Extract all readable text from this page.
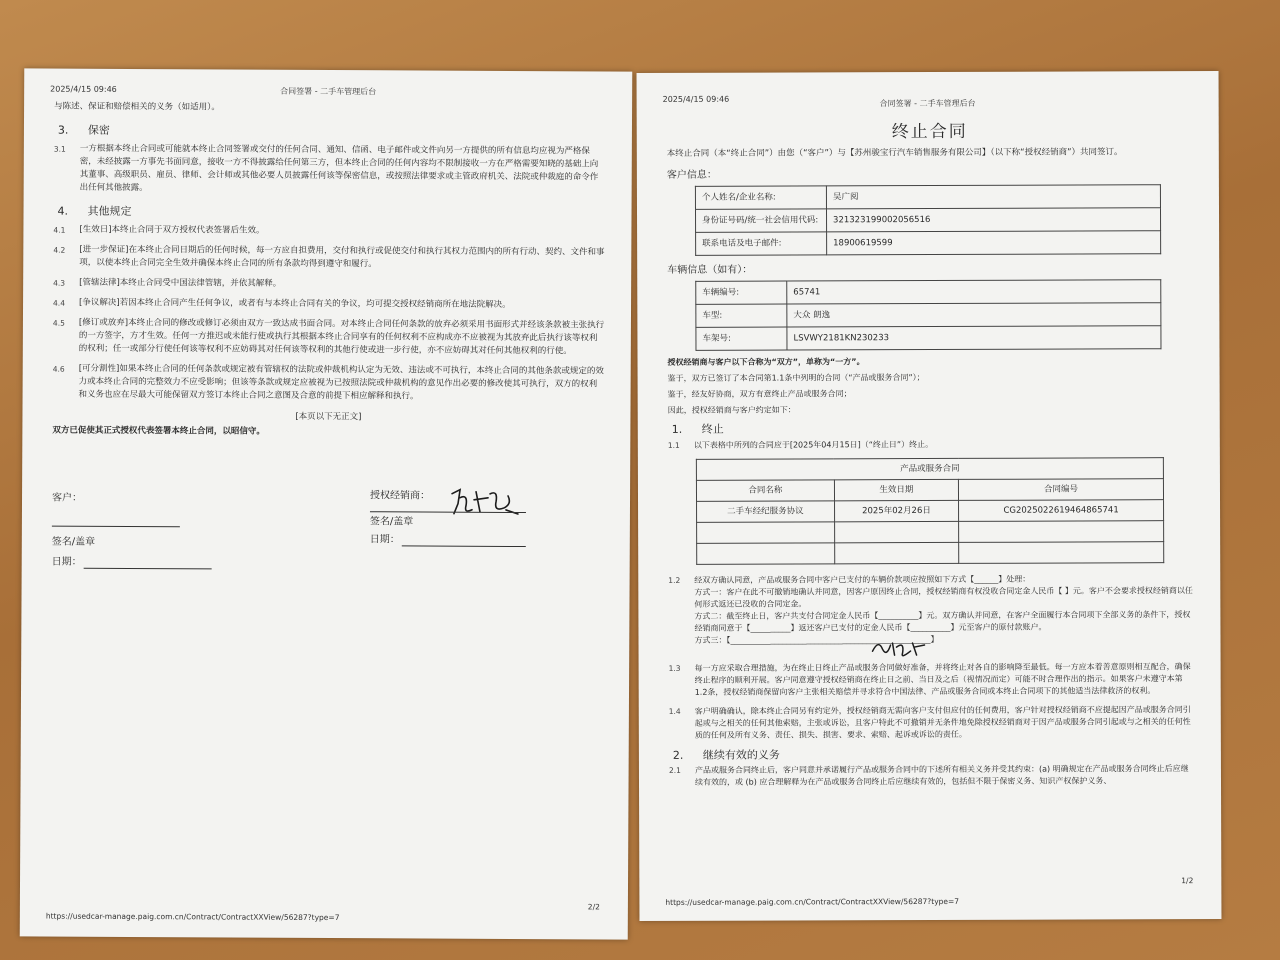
2025/4/15 09:46	合同签署 - 二手车管理后台
与陈述、保证和赔偿相关的义务（如适用）。
3. 保密
3.1	一方根据本终止合同或可能就本终止合同签署或交付的任何合同、通知、信函、电子邮件或文件向另一方提供的所有信息均应视为严格保密，未经披露一方事先书面同意，接收一方不得披露给任何第三方，但本终止合同的任何内容均不限制接收一方在严格需要知晓的基础上向其董事、高级职员、雇员、律师、会计师或其他必要人员披露任何该等保密信息，或按照法律要求或主管政府机关、法院或仲裁庭的命令作出任何其他披露。
4. 其他规定
4.1	[生效日]本终止合同于双方授权代表签署后生效。
4.2	[进一步保证]在本终止合同日期后的任何时候，每一方应自担费用，交付和执行或促使交付和执行其权力范围内的所有行动、契约、文件和事项，以使本终止合同完全生效并确保本终止合同的所有条款均得到遵守和履行。
4.3	[管辖法律]本终止合同受中国法律管辖，并依其解释。
4.4	[争议解决]若因本终止合同产生任何争议，或者有与本终止合同有关的争议，均可提交授权经销商所在地法院解决。
4.5	[修订或放弃]本终止合同的修改或修订必须由双方一致达成书面合同。对本终止合同任何条款的放弃必须采用书面形式并经该条款被主张执行的一方签字，方才生效。任何一方推迟或未能行使或执行其根据本终止合同享有的任何权利不应构成亦不应被视为其放弃此后执行该等权利的权利；任一或部分行使任何该等权利不应妨碍其对任何该等权利的其他行使或进一步行使，亦不应妨碍其对任何其他权利的行使。
4.6	[可分割性]如果本终止合同的任何条款或规定被有管辖权的法院或仲裁机构认定为无效、违法或不可执行，本终止合同的其他条款或规定的效力或本终止合同的完整效力不应受影响；但该等条款或规定应被视为已按照法院或仲裁机构的意见作出必要的修改使其可执行，双方的权利和义务也应在尽最大可能保留双方签订本终止合同之意图及合意的前提下相应解释和执行。
[本页以下无正文]
双方已促使其正式授权代表签署本终止合同，以昭信守。
客户：
签名/盖章
日期：
授权经销商：
签名/盖章
日期：
https://usedcar-manage.paig.com.cn/Contract/ContractXXView/56287?type=7
2/2
2025/4/15 09:46	合同签署 - 二手车管理后台
终止合同
本终止合同（本“终止合同”）由您（“客户”）与【苏州骏宝行汽车销售服务有限公司】（以下称“授权经销商”）共同签订。
客户信息：
个人姓名/企业名称:	吴广阅
身份证号码/统一社会信用代码:	321323199002056516
联系电话及电子邮件:	18900619599
车辆信息（如有）：
车辆编号:	65741
车型:	大众 朗逸
车架号:	LSVWY2181KN230233
授权经销商与客户以下合称为“双方”，单称为“一方”。
鉴于，双方已签订了本合同第1.1条中列明的合同（“产品或服务合同”）；
鉴于，经友好协商，双方有意终止产品或服务合同；
因此，授权经销商与客户约定如下：
1. 终止
1.1	以下表格中所列的合同应于[2025年04月15日]（“终止日”）终止。
产品或服务合同		
合同名称	生效日期	合同编号
二手车经纪服务协议	2025年02月26日	CG2025022619464865741

1.2	经双方确认同意，产品或服务合同中客户已支付的车辆价款项应按照如下方式【______】处理：
方式一：客户在此不可撤销地确认并同意，因客户原因终止合同，授权经销商有权没收合同定金人民币【 】元。客户不会要求授权经销商以任何形式返还已没收的合同定金。
方式二：截至终止日，客户共支付合同定金人民币【__________】元。双方确认并同意，在客户全面履行本合同项下全部义务的条件下，授权经销商同意于【__________】返还客户已支付的定金人民币【__________】元至客户的原付款账户。
方式三：【__________________________________________________】
1.3	每一方应采取合理措施，为在终止日终止产品或服务合同做好准备，并将终止对各自的影响降至最低。每一方应本着善意原则相互配合，确保终止程序的顺利开展。客户同意遵守授权经销商在终止日之前、当日及之后（视情况而定）可能不时合理作出的指示。如果客户未遵守本第1.2条，授权经销商保留向客户主张相关赔偿并寻求符合中国法律、产品或服务合同或本终止合同项下的其他适当法律救济的权利。
1.4	客户明确确认，除本终止合同另有约定外，授权经销商无需向客户支付但应付的任何费用，客户针对授权经销商不应提起因产品或服务合同引起或与之相关的任何其他索赔，主张或诉讼，且客户特此不可撤销并无条件地免除授权经销商对于因产品或服务合同引起或与之相关的任何性质的任何及所有义务、责任、损失、损害、要求、索赔、起诉或诉讼的责任。
2. 继续有效的义务
2.1	产品或服务合同终止后，客户同意并承诺履行产品或服务合同中的下述所有相关义务并受其约束：(a) 明确规定在产品或服务合同终止后应继续有效的，或 (b) 应合理解释为在产品或服务合同终止后应继续有效的，包括但不限于保密义务、知识产权保护义务、
https://usedcar-manage.paig.com.cn/Contract/ContractXXView/56287?type=7
1/2
